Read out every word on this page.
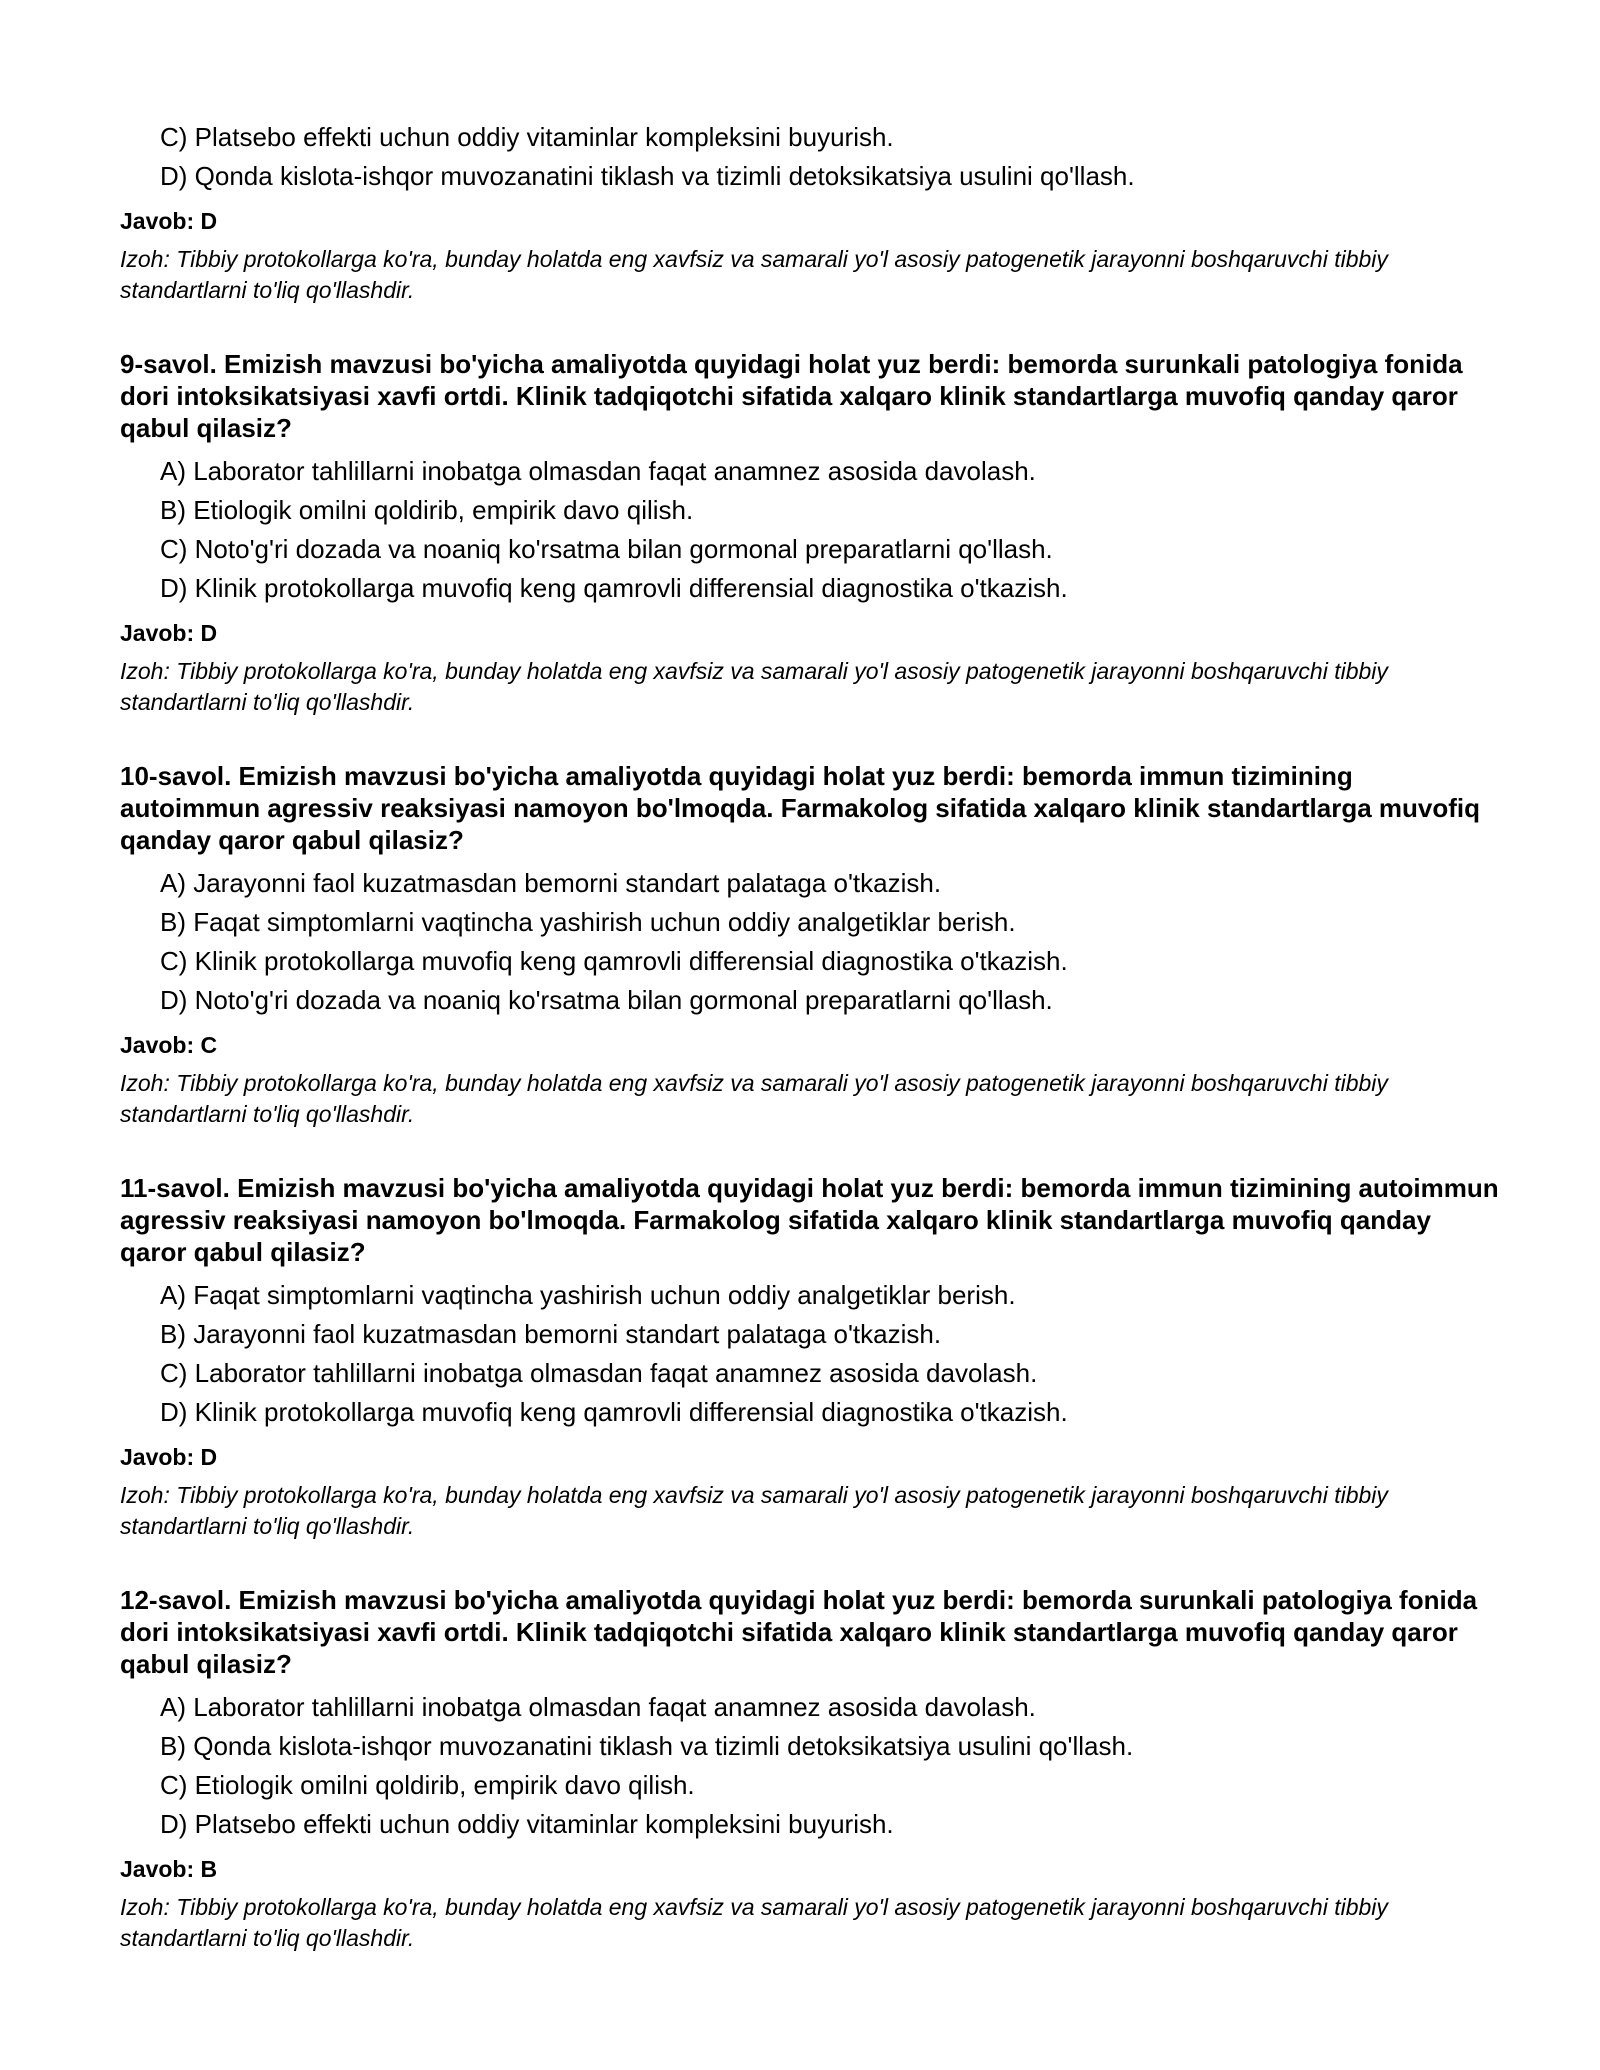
C) Platsebo effekti uchun oddiy vitaminlar kompleksini buyurish.
D) Qonda kislota-ishqor muvozanatini tiklash va tizimli detoksikatsiya usulini qo'llash.
Javob: D
Izoh: Tibbiy protokollarga ko'ra, bunday holatda eng xavfsiz va samarali yo'l asosiy patogenetik jarayonni boshqaruvchi tibbiy standartlarni to'liq qo'llashdir.
9-savol. Emizish mavzusi bo'yicha amaliyotda quyidagi holat yuz berdi: bemorda surunkali patologiya fonida dori intoksikatsiyasi xavfi ortdi. Klinik tadqiqotchi sifatida xalqaro klinik standartlarga muvofiq qanday qaror qabul qilasiz?
A) Laborator tahlillarni inobatga olmasdan faqat anamnez asosida davolash.
B) Etiologik omilni qoldirib, empirik davo qilish.
C) Noto'g'ri dozada va noaniq ko'rsatma bilan gormonal preparatlarni qo'llash.
D) Klinik protokollarga muvofiq keng qamrovli differensial diagnostika o'tkazish.
Javob: D
Izoh: Tibbiy protokollarga ko'ra, bunday holatda eng xavfsiz va samarali yo'l asosiy patogenetik jarayonni boshqaruvchi tibbiy standartlarni to'liq qo'llashdir.
10-savol. Emizish mavzusi bo'yicha amaliyotda quyidagi holat yuz berdi: bemorda immun tizimining autoimmun agressiv reaksiyasi namoyon bo'lmoqda. Farmakolog sifatida xalqaro klinik standartlarga muvofiq qanday qaror qabul qilasiz?
A) Jarayonni faol kuzatmasdan bemorni standart palataga o'tkazish.
B) Faqat simptomlarni vaqtincha yashirish uchun oddiy analgetiklar berish.
C) Klinik protokollarga muvofiq keng qamrovli differensial diagnostika o'tkazish.
D) Noto'g'ri dozada va noaniq ko'rsatma bilan gormonal preparatlarni qo'llash.
Javob: C
Izoh: Tibbiy protokollarga ko'ra, bunday holatda eng xavfsiz va samarali yo'l asosiy patogenetik jarayonni boshqaruvchi tibbiy standartlarni to'liq qo'llashdir.
11-savol. Emizish mavzusi bo'yicha amaliyotda quyidagi holat yuz berdi: bemorda immun tizimining autoimmun agressiv reaksiyasi namoyon bo'lmoqda. Farmakolog sifatida xalqaro klinik standartlarga muvofiq qanday qaror qabul qilasiz?
A) Faqat simptomlarni vaqtincha yashirish uchun oddiy analgetiklar berish.
B) Jarayonni faol kuzatmasdan bemorni standart palataga o'tkazish.
C) Laborator tahlillarni inobatga olmasdan faqat anamnez asosida davolash.
D) Klinik protokollarga muvofiq keng qamrovli differensial diagnostika o'tkazish.
Javob: D
Izoh: Tibbiy protokollarga ko'ra, bunday holatda eng xavfsiz va samarali yo'l asosiy patogenetik jarayonni boshqaruvchi tibbiy standartlarni to'liq qo'llashdir.
12-savol. Emizish mavzusi bo'yicha amaliyotda quyidagi holat yuz berdi: bemorda surunkali patologiya fonida dori intoksikatsiyasi xavfi ortdi. Klinik tadqiqotchi sifatida xalqaro klinik standartlarga muvofiq qanday qaror qabul qilasiz?
A) Laborator tahlillarni inobatga olmasdan faqat anamnez asosida davolash.
B) Qonda kislota-ishqor muvozanatini tiklash va tizimli detoksikatsiya usulini qo'llash.
C) Etiologik omilni qoldirib, empirik davo qilish.
D) Platsebo effekti uchun oddiy vitaminlar kompleksini buyurish.
Javob: B
Izoh: Tibbiy protokollarga ko'ra, bunday holatda eng xavfsiz va samarali yo'l asosiy patogenetik jarayonni boshqaruvchi tibbiy standartlarni to'liq qo'llashdir.
